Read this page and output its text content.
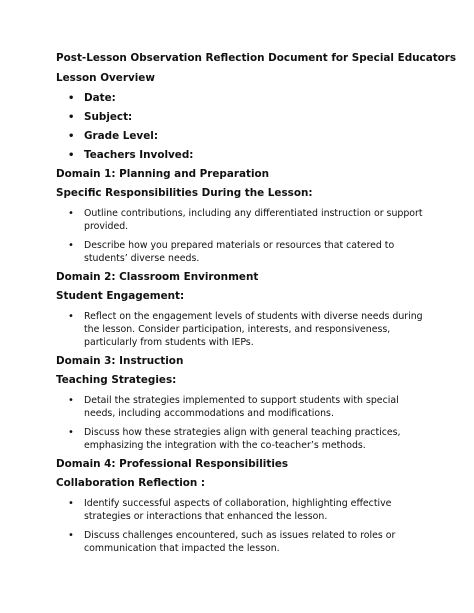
Post-Lesson Observation Reflection Document for Special Educators

Lesson Overview

• Date:
• Subject:
• Grade Level:
• Teachers Involved:

Domain 1: Planning and Preparation

Specific Responsibilities During the Lesson:

• Outline contributions, including any differentiated instruction or support provided.
• Describe how you prepared materials or resources that catered to students’ diverse needs.

Domain 2: Classroom Environment

Student Engagement:

• Reflect on the engagement levels of students with diverse needs during the lesson. Consider participation, interests, and responsiveness, particularly from students with IEPs.

Domain 3: Instruction

Teaching Strategies:

• Detail the strategies implemented to support students with special needs, including accommodations and modifications.
• Discuss how these strategies align with general teaching practices, emphasizing the integration with the co-teacher’s methods.

Domain 4: Professional Responsibilities

Collaboration Reflection :

• Identify successful aspects of collaboration, highlighting effective strategies or interactions that enhanced the lesson.
• Discuss challenges encountered, such as issues related to roles or communication that impacted the lesson.
